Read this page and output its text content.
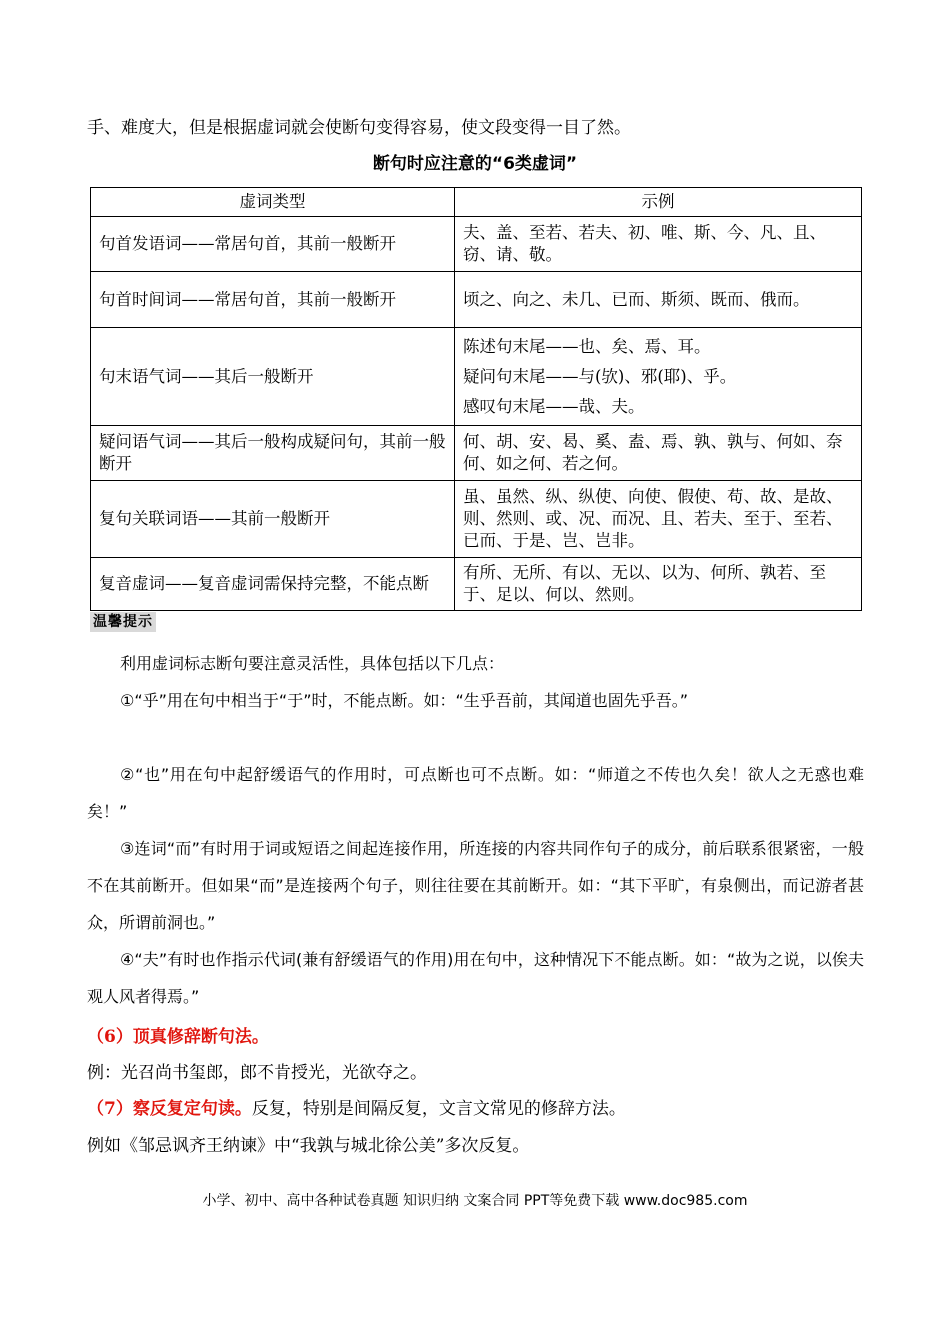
手、难度大，但是根据虚词就会使断句变得容易，使文段变得一目了然。

断句时应注意的“6类虚词”

虚词类型	示例
句首发语词——常居句首，其前一般断开	夫、盖、至若、若夫、初、唯、斯、今、凡、且、窃、请、敬。
句首时间词——常居句首，其前一般断开	顷之、向之、未几、已而、斯须、既而、俄而。
句末语气词——其后一般断开	陈述句末尾——也、矣、焉、耳。
疑问句末尾——与(欤)、邪(耶)、乎。
感叹句末尾——哉、夫。

疑问语气词——其后一般构成疑问句，其前一般断开	何、胡、安、曷、奚、盍、焉、孰、孰与、何如、奈何、如之何、若之何。
复句关联词语——其前一般断开	虽、虽然、纵、纵使、向使、假使、苟、故、是故、则、然则、或、况、而况、且、若夫、至于、至若、已而、于是、岂、岂非。
复音虚词——复音虚词需保持完整，不能点断	有所、无所、有以、无以、以为、何所、孰若、至于、足以、何以、然则。
温馨提示

利用虚词标志断句要注意灵活性，具体包括以下几点：

①“乎”用在句中相当于“于”时，不能点断。如：“生乎吾前，其闻道也固先乎吾。”

②“也”用在句中起舒缓语气的作用时，可点断也可不点断。如：“师道之不传也久矣！欲人之无惑也难矣！”

③连词“而”有时用于词或短语之间起连接作用，所连接的内容共同作句子的成分，前后联系很紧密，一般不在其前断开。但如果“而”是连接两个句子，则往往要在其前断开。如：“其下平旷，有泉侧出，而记游者甚众，所谓前洞也。”

④“夫”有时也作指示代词(兼有舒缓语气的作用)用在句中，这种情况下不能点断。如：“故为之说，以俟夫观人风者得焉。”

（6）顶真修辞断句法。

例：光召尚书玺郎，郎不肯授光，光欲夺之。

（7）察反复定句读。反复，特别是间隔反复，文言文常见的修辞方法。

例如《邹忌讽齐王纳谏》中“我孰与城北徐公美”多次反复。

小学、初中、高中各种试卷真题 知识归纳 文案合同 PPT等免费下载 www.doc985.com
